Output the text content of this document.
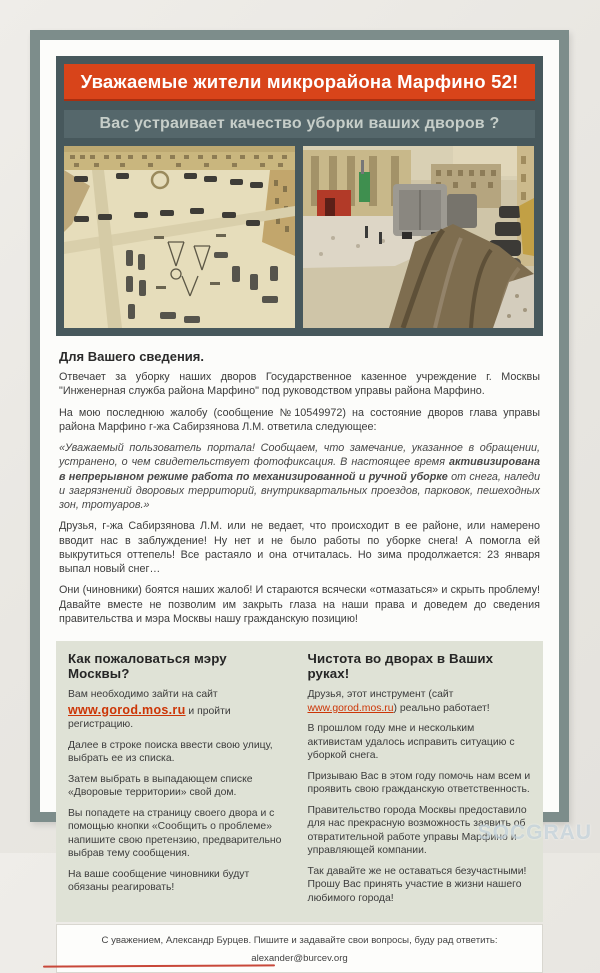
Уважаемые жители микрорайона Марфино 52!
Вас устраивает качество уборки ваших дворов ?
Для Вашего сведения.

Отвечает за уборку наших дворов Государственное казенное учреждение г. Москвы "Инженерная служба района Марфино" под руководством управы района Марфино.

На мою последнюю жалобу (сообщение №10549972) на состояние дворов глава управы района Марфино г-жа Сабирзянова Л.М. ответила следующее:

«Уважаемый пользователь портала! Сообщаем, что замечание, указанное в обращении, устранено, о чем свидетельствует фотофиксация. В настоящее время активизирована в непрерывном режиме работа по механизированной и ручной уборке от снега, наледи и загрязнений дворовых территорий, внутриквартальных проездов, парковок, пешеходных зон, тротуаров.»

Друзья, г-жа Сабирзянова Л.М. или не ведает, что происходит в ее районе, или намерено вводит нас в заблуждение! Ну нет и не было работы по уборке снега! А помогла ей выкрутиться оттепель! Все растаяло и она отчиталась. Но зима продолжается: 23 января выпал новый снег…

Они (чиновники) боятся наших жалоб! И стараются всячески «отмазаться» и скрыть проблему! Давайте вместе не позволим им закрыть глаза на наши права и доведем до сведения правительства и мэра Москвы нашу гражданскую позицию!

Как пожаловаться мэру Москвы?

Вам необходимо зайти на сайт
www.gorod.mos.ru и пройти регистрацию.

Далее в строке поиска ввести свою улицу, выбрать ее из списка.

Затем выбрать в выпадающем списке «Дворовые территории» свой дом.

Вы попадете на страницу своего двора и с помощью кнопки «Сообщить о проблеме» напишите свою претензию, предварительно выбрав тему сообщения.

На ваше сообщение чиновники будут обязаны реагировать!

Чистота во дворах в Ваших руках!

Друзья, этот инструмент (сайт www.gorod.mos.ru) реально работает!

В прошлом году мне и нескольким активистам удалось исправить ситуацию с уборкой снега.

Призываю Вас в этом году помочь нам всем и проявить свою гражданскую ответственность.

Правительство города Москвы предоставило для нас прекрасную возможность заявить об отвратительной работе управы Марфино и управляющей компании.

Так давайте же не оставаться безучастными! Прошу Вас принять участие в жизни нашего любимого города!

С уважением, Александр Бурцев. Пишите и задавайте свои вопросы, буду рад ответить: alexander@burcev.org
SOCGRAU
